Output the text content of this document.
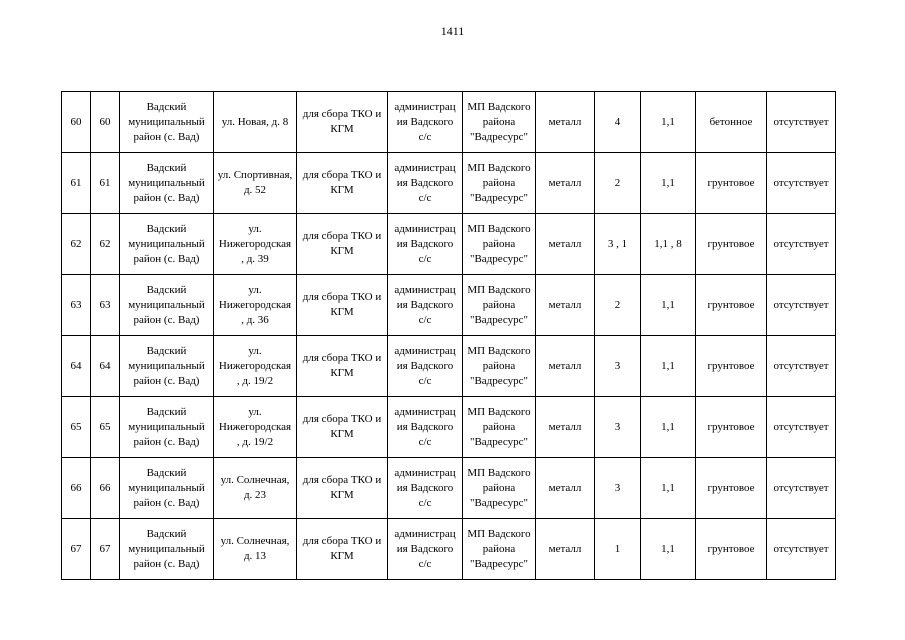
1411
60	60	Вадский
муниципальный
район (с. Вад)	ул. Новая, д. 8	для сбора ТКО и
КГМ	администрац
ия Вадского
с/с	МП Вадского
района
"Вадресурс"	металл	4	1,1	бетонное	отсутствует
61	61	Вадский
муниципальный
район (с. Вад)	ул. Спортивная,
д. 52	для сбора ТКО и
КГМ	администрац
ия Вадского
с/с	МП Вадского
района
"Вадресурс"	металл	2	1,1	грунтовое	отсутствует
62	62	Вадский
муниципальный
район (с. Вад)	ул.
Нижегородская
, д. 39	для сбора ТКО и
КГМ	администрац
ия Вадского
с/с	МП Вадского
района
"Вадресурс"	металл	3 , 1	1,1 , 8	грунтовое	отсутствует
63	63	Вадский
муниципальный
район (с. Вад)	ул.
Нижегородская
, д. 36	для сбора ТКО и
КГМ	администрац
ия Вадского
с/с	МП Вадского
района
"Вадресурс"	металл	2	1,1	грунтовое	отсутствует
64	64	Вадский
муниципальный
район (с. Вад)	ул.
Нижегородская
, д. 19/2	для сбора ТКО и
КГМ	администрац
ия Вадского
с/с	МП Вадского
района
"Вадресурс"	металл	3	1,1	грунтовое	отсутствует
65	65	Вадский
муниципальный
район (с. Вад)	ул.
Нижегородская
, д. 19/2	для сбора ТКО и
КГМ	администрац
ия Вадского
с/с	МП Вадского
района
"Вадресурс"	металл	3	1,1	грунтовое	отсутствует
66	66	Вадский
муниципальный
район (с. Вад)	ул. Солнечная,
д. 23	для сбора ТКО и
КГМ	администрац
ия Вадского
с/с	МП Вадского
района
"Вадресурс"	металл	3	1,1	грунтовое	отсутствует
67	67	Вадский
муниципальный
район (с. Вад)	ул. Солнечная,
д. 13	для сбора ТКО и
КГМ	администрац
ия Вадского
с/с	МП Вадского
района
"Вадресурс"	металл	1	1,1	грунтовое	отсутствует
